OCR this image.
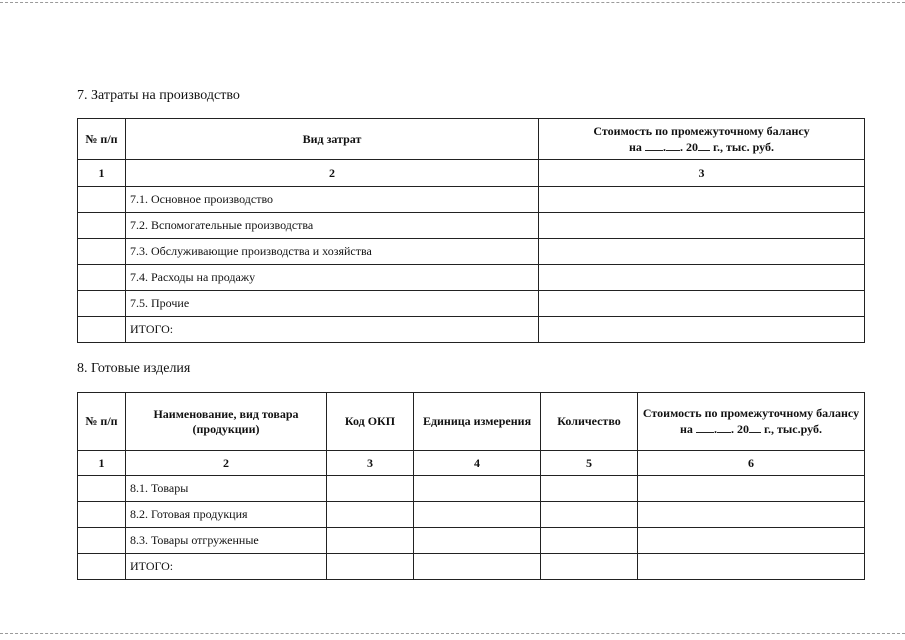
7. Затраты на производство
№ п/п	Вид затрат	Стоимость по промежуточному балансу
на . . 20 г., тыс. руб.
1	2	3
	7.1. Основное производство	
	7.2. Вспомогательные производства	
	7.3. Обслуживающие производства и хозяйства	
	7.4. Расходы на продажу	
	7.5. Прочие	
	ИТОГО:	
8. Готовые изделия
№ п/п	Наименование, вид товара (продукции)	Код ОКП	Единица измерения	Количество	Стоимость по промежуточному балансу
на . . 20 г., тыс.руб.
1	2	3	4	5	6
	8.1. Товары				
	8.2. Готовая продукция				
	8.3. Товары отгруженные				
	ИТОГО:				
